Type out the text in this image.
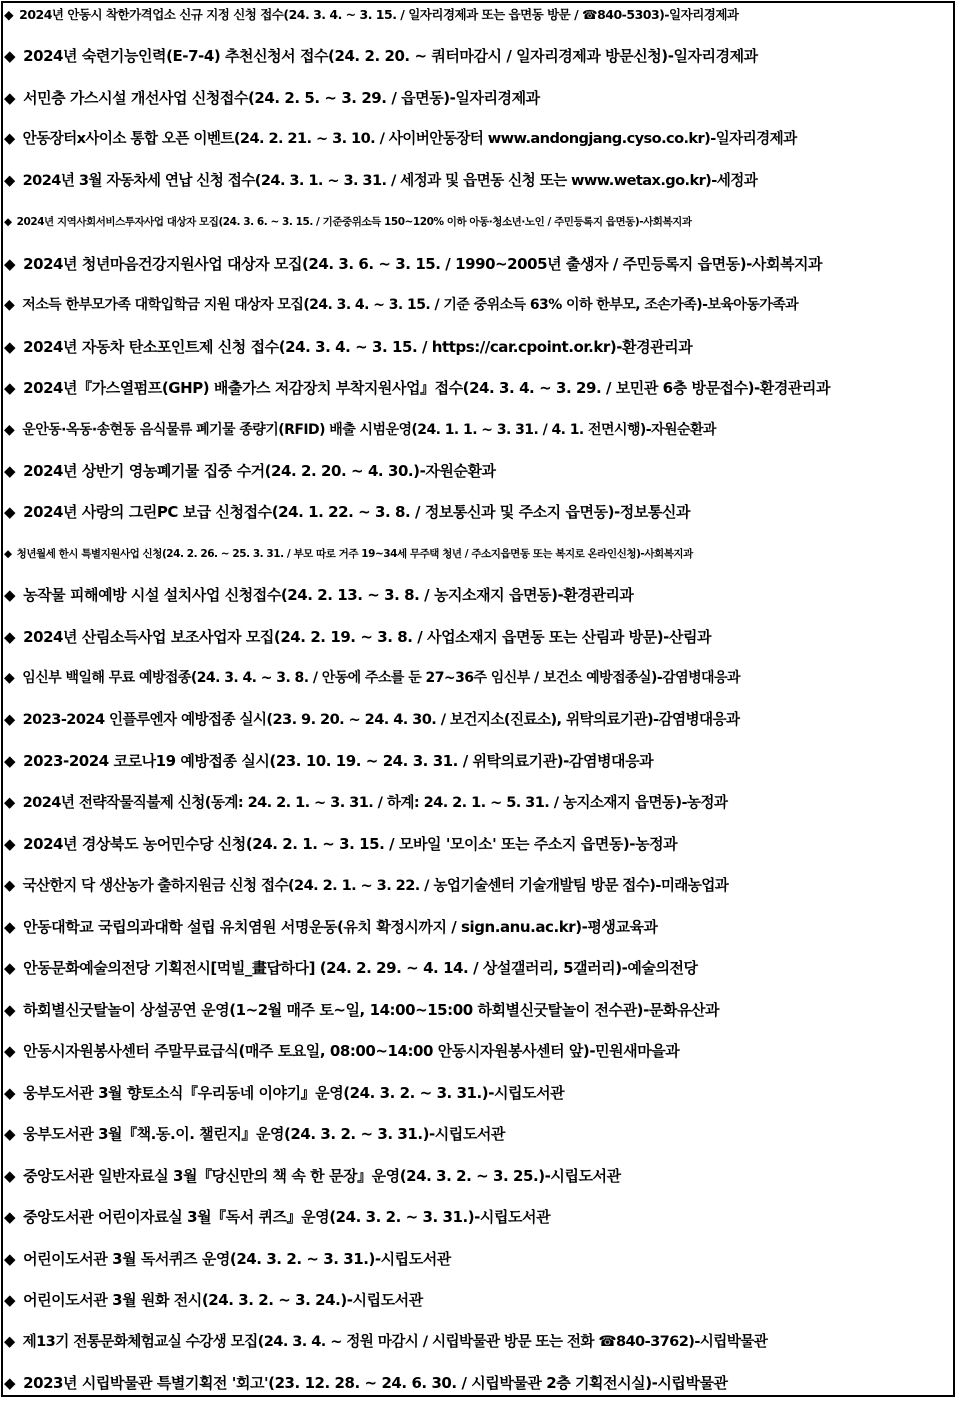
◆ 2024년 안동시 착한가격업소 신규 지정 신청 접수(24. 3. 4. ~ 3. 15. / 일자리경제과 또는 읍면동 방문 / ☎840-5303)-일자리경제과
◆ 2024년 숙련기능인력(E-7-4) 추천신청서 접수(24. 2. 20. ~ 쿼터마감시 / 일자리경제과 방문신청)-일자리경제과
◆ 서민층 가스시설 개선사업 신청접수(24. 2. 5. ~ 3. 29. / 읍면동)-일자리경제과
◆ 안동장터x사이소 통합 오픈 이벤트(24. 2. 21. ~ 3. 10. / 사이버안동장터 www.andongjang.cyso.co.kr)-일자리경제과
◆ 2024년 3월 자동차세 연납 신청 접수(24. 3. 1. ~ 3. 31. / 세정과 및 읍면동 신청 또는 www.wetax.go.kr)-세정과
◆ 2024년 지역사회서비스투자사업 대상자 모집(24. 3. 6. ~ 3. 15. / 기준중위소득 150~120% 이하 아동·청소년·노인 / 주민등록지 읍면동)-사회복지과
◆ 2024년 청년마음건강지원사업 대상자 모집(24. 3. 6. ~ 3. 15. / 1990~2005년 출생자 / 주민등록지 읍면동)-사회복지과
◆ 저소득 한부모가족 대학입학금 지원 대상자 모집(24. 3. 4. ~ 3. 15. / 기준 중위소득 63% 이하 한부모, 조손가족)-보육아동가족과
◆ 2024년 자동차 탄소포인트제 신청 접수(24. 3. 4. ~ 3. 15. / https://car.cpoint.or.kr)-환경관리과
◆ 2024년『가스열펌프(GHP) 배출가스 저감장치 부착지원사업』접수(24. 3. 4. ~ 3. 29. / 보민관 6층 방문접수)-환경관리과
◆ 운안동·옥동·송현동 음식물류 폐기물 종량기(RFID) 배출 시범운영(24. 1. 1. ~ 3. 31. / 4. 1. 전면시행)-자원순환과
◆ 2024년 상반기 영농폐기물 집중 수거(24. 2. 20. ~ 4. 30.)-자원순환과
◆ 2024년 사랑의 그린PC 보급 신청접수(24. 1. 22. ~ 3. 8. / 정보통신과 및 주소지 읍면동)-정보통신과
◆ 청년월세 한시 특별지원사업 신청(24. 2. 26. ~ 25. 3. 31. / 부모 따로 거주 19~34세 무주택 청년 / 주소지읍면동 또는 복지로 온라인신청)-사회복지과
◆ 농작물 피해예방 시설 설치사업 신청접수(24. 2. 13. ~ 3. 8. / 농지소재지 읍면동)-환경관리과
◆ 2024년 산림소득사업 보조사업자 모집(24. 2. 19. ~ 3. 8. / 사업소재지 읍면동 또는 산림과 방문)-산림과
◆ 임신부 백일해 무료 예방접종(24. 3. 4. ~ 3. 8. / 안동에 주소를 둔 27~36주 임신부 / 보건소 예방접종실)-감염병대응과
◆ 2023-2024 인플루엔자 예방접종 실시(23. 9. 20. ~ 24. 4. 30. / 보건지소(진료소), 위탁의료기관)-감염병대응과
◆ 2023-2024 코로나19 예방접종 실시(23. 10. 19. ~ 24. 3. 31. / 위탁의료기관)-감염병대응과
◆ 2024년 전략작물직불제 신청(동계: 24. 2. 1. ~ 3. 31. / 하계: 24. 2. 1. ~ 5. 31. / 농지소재지 읍면동)-농정과
◆ 2024년 경상북도 농어민수당 신청(24. 2. 1. ~ 3. 15. / 모바일 '모이소' 또는 주소지 읍면동)-농정과
◆ 국산한지 닥 생산농가 출하지원금 신청 접수(24. 2. 1. ~ 3. 22. / 농업기술센터 기술개발팀 방문 접수)-미래농업과
◆ 안동대학교 국립의과대학 설립 유치염원 서명운동(유치 확정시까지 / sign.anu.ac.kr)-평생교육과
◆ 안동문화예술의전당 기획전시[먹빌_畫답하다] (24. 2. 29. ~ 4. 14. / 상설갤러리, 5갤러리)-예술의전당
◆ 하회별신굿탈놀이 상설공연 운영(1~2월 매주 토~일, 14:00~15:00 하회별신굿탈놀이 전수관)-문화유산과
◆ 안동시자원봉사센터 주말무료급식(매주 토요일, 08:00~14:00 안동시자원봉사센터 앞)-민원새마을과
◆ 웅부도서관 3월 향토소식『우리동네 이야기』운영(24. 3. 2. ~ 3. 31.)-시립도서관
◆ 웅부도서관 3월『책.동.이. 챌린지』운영(24. 3. 2. ~ 3. 31.)-시립도서관
◆ 중앙도서관 일반자료실 3월『당신만의 책 속 한 문장』운영(24. 3. 2. ~ 3. 25.)-시립도서관
◆ 중앙도서관 어린이자료실 3월『독서 퀴즈』운영(24. 3. 2. ~ 3. 31.)-시립도서관
◆ 어린이도서관 3월 독서퀴즈 운영(24. 3. 2. ~ 3. 31.)-시립도서관
◆ 어린이도서관 3월 원화 전시(24. 3. 2. ~ 3. 24.)-시립도서관
◆ 제13기 전통문화체험교실 수강생 모집(24. 3. 4. ~ 정원 마감시 / 시립박물관 방문 또는 전화 ☎840-3762)-시립박물관
◆ 2023년 시립박물관 특별기획전 '회고'(23. 12. 28. ~ 24. 6. 30. / 시립박물관 2층 기획전시실)-시립박물관
